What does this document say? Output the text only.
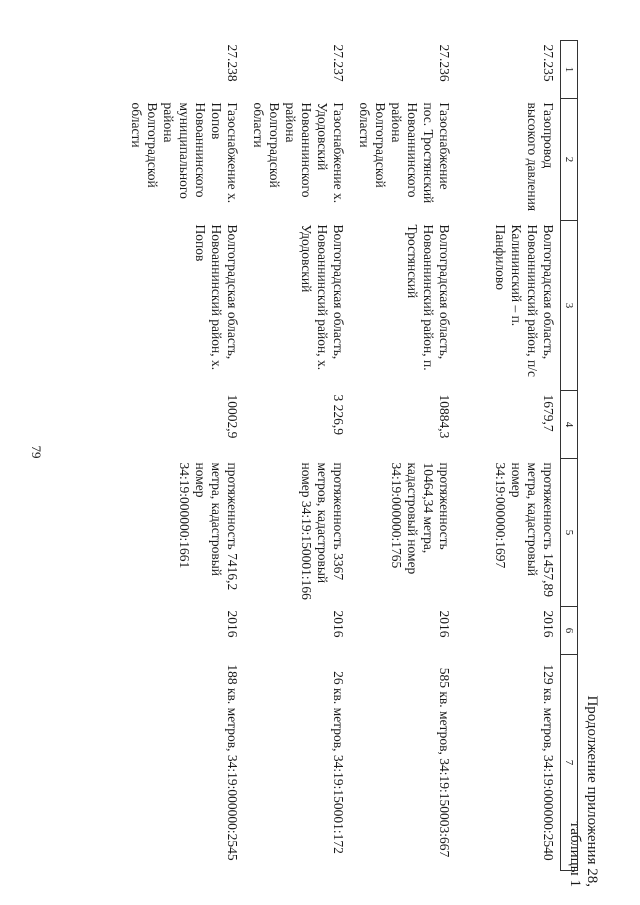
79
Продолжение приложения 28,
таблицы 1
1	2	3	4	5	6	7
27.235	Газопровод высокого давления	Волгоградская область, Новоаннинский район, п/с Калининский – п. Панфилово	1679,7	протяженность 1457,89 метра, кадастровый номер 34:19:000000:1697	2016	129 кв. метров, 34:19:000000:2540
27.236	Газоснабжение пос. Тростянский Новоаннинского района Волгоградской области	Волгоградская область, Новоаннинский район, п. Тростянский	10884,3	протяженность 10464,34 метра, кадастровый номер 34:19:000000:1765	2016	585 кв. метров, 34:19:150003:667
27.237	Газоснабжение х. Удодовский Новоаннинского района Волгоградской области	Волгоградская область, Новоаннинский район, х. Удодовский	3 226,9	протяженность 3367 метров, кадастровый номер 34:19:150001:166	2016	26 кв. метров, 34:19:150001:172
27.238	Газоснабжение х. Попов Новоаннинского муниципального района Волгоградской области	Волгоградская область, Новоаннинский район, х. Попов	10002,9	протяженность 7416,2 метра, кадастровый номер 34:19:000000:1661	2016	188 кв. метров, 34:19:000000:2545
